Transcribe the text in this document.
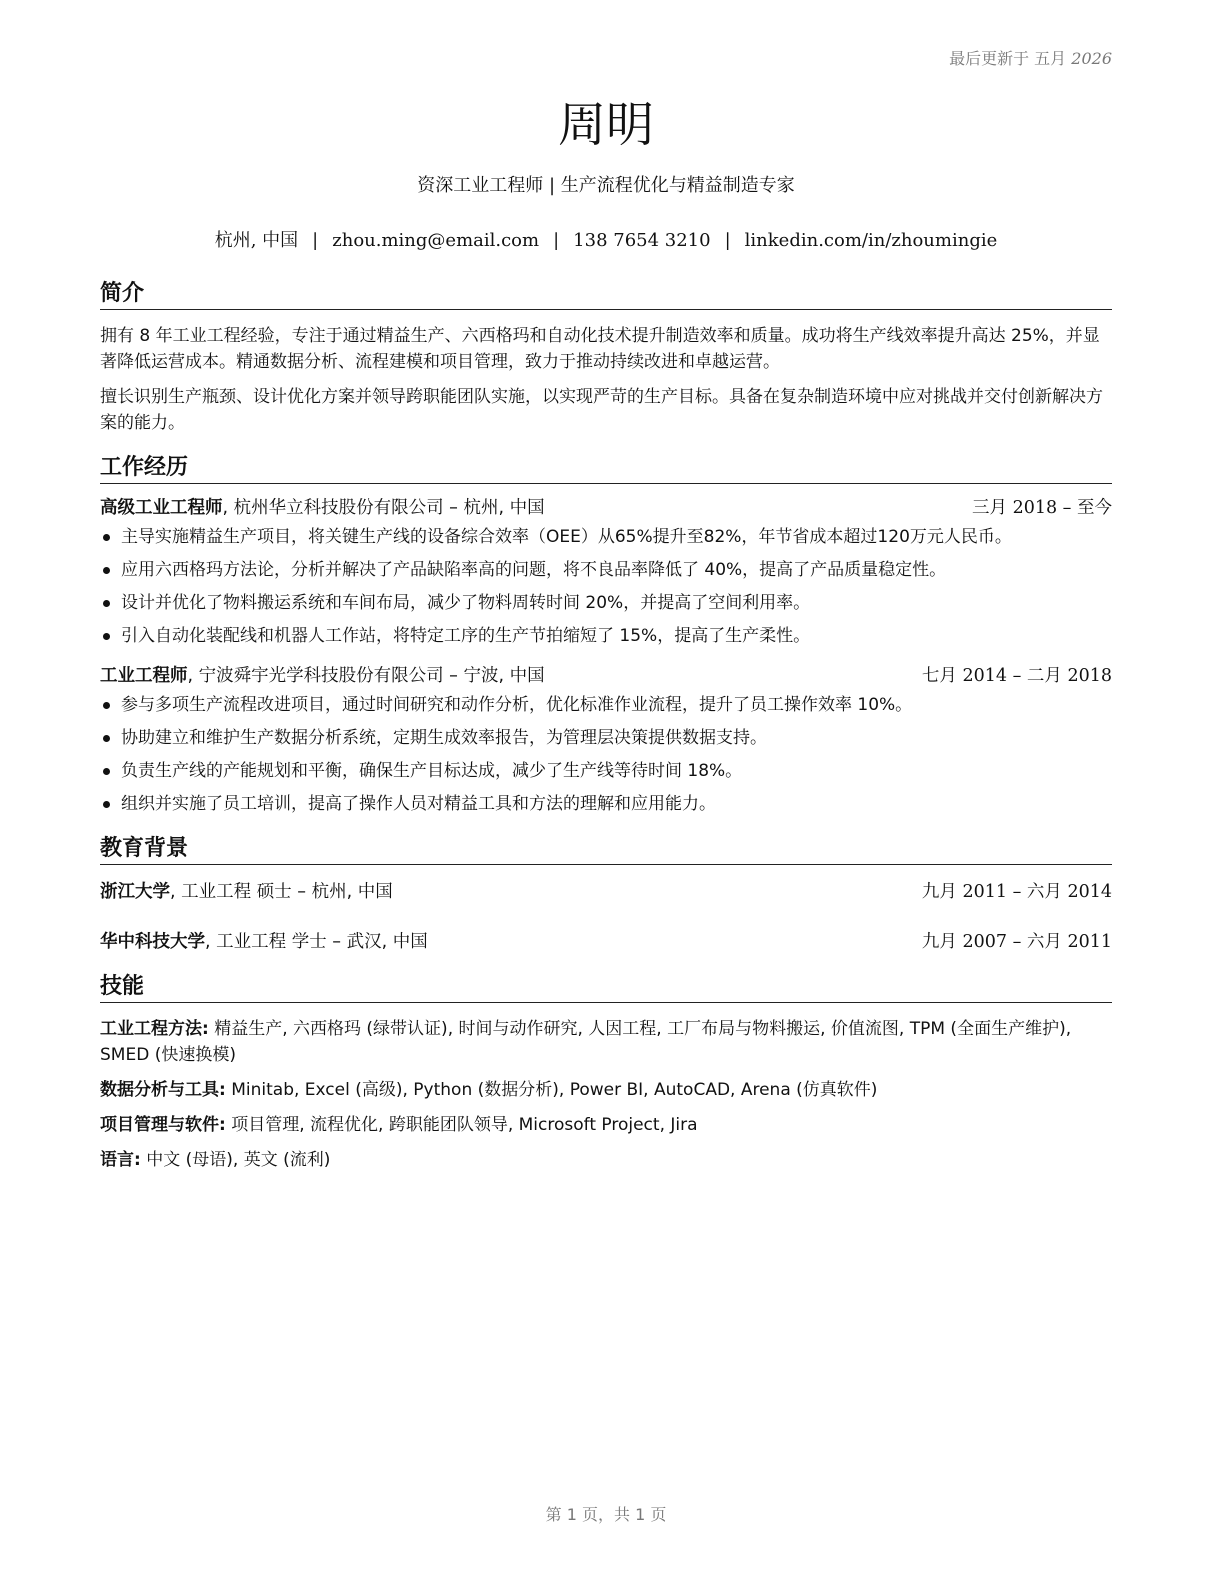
最后更新于 五月 2026
周明
资深工业工程师 | 生产流程优化与精益制造专家
杭州, 中国 | zhou.ming@email.com | 138 7654 3210 | linkedin.com/in/zhoumingie
简介

拥有 8 年工业工程经验，专注于通过精益生产、六西格玛和自动化技术提升制造效率和质量。成功将生产线效率提升高达 25%，并显著降低运营成本。精通数据分析、流程建模和项目管理，致力于推动持续改进和卓越运营。

擅长识别生产瓶颈、设计优化方案并领导跨职能团队实施，以实现严苛的生产目标。具备在复杂制造环境中应对挑战并交付创新解决方案的能力。

工作经历
高级工业工程师, 杭州华立科技股份有限公司 – 杭州, 中国	三月 2018 – 至今
主导实施精益生产项目，将关键生产线的设备综合效率（OEE）从65%提升至82%，年节省成本超过120万元人民币。
应用六西格玛方法论，分析并解决了产品缺陷率高的问题，将不良品率降低了 40%，提高了产品质量稳定性。
设计并优化了物料搬运系统和车间布局，减少了物料周转时间 20%，并提高了空间利用率。
引入自动化装配线和机器人工作站，将特定工序的生产节拍缩短了 15%，提高了生产柔性。
工业工程师, 宁波舜宇光学科技股份有限公司 – 宁波, 中国	七月 2014 – 二月 2018
参与多项生产流程改进项目，通过时间研究和动作分析，优化标准作业流程，提升了员工操作效率 10%。
协助建立和维护生产数据分析系统，定期生成效率报告，为管理层决策提供数据支持。
负责生产线的产能规划和平衡，确保生产目标达成，减少了生产线等待时间 18%。
组织并实施了员工培训，提高了操作人员对精益工具和方法的理解和应用能力。
教育背景
浙江大学, 工业工程 硕士 – 杭州, 中国	九月 2011 – 六月 2014
华中科技大学, 工业工程 学士 – 武汉, 中国	九月 2007 – 六月 2011
技能

工业工程方法: 精益生产, 六西格玛 (绿带认证), 时间与动作研究, 人因工程, 工厂布局与物料搬运, 价值流图, TPM (全面生产维护), SMED (快速换模)

数据分析与工具: Minitab, Excel (高级), Python (数据分析), Power BI, AutoCAD, Arena (仿真软件)

项目管理与软件: 项目管理, 流程优化, 跨职能团队领导, Microsoft Project, Jira

语言: 中文 (母语), 英文 (流利)

第 1 页，共 1 页
